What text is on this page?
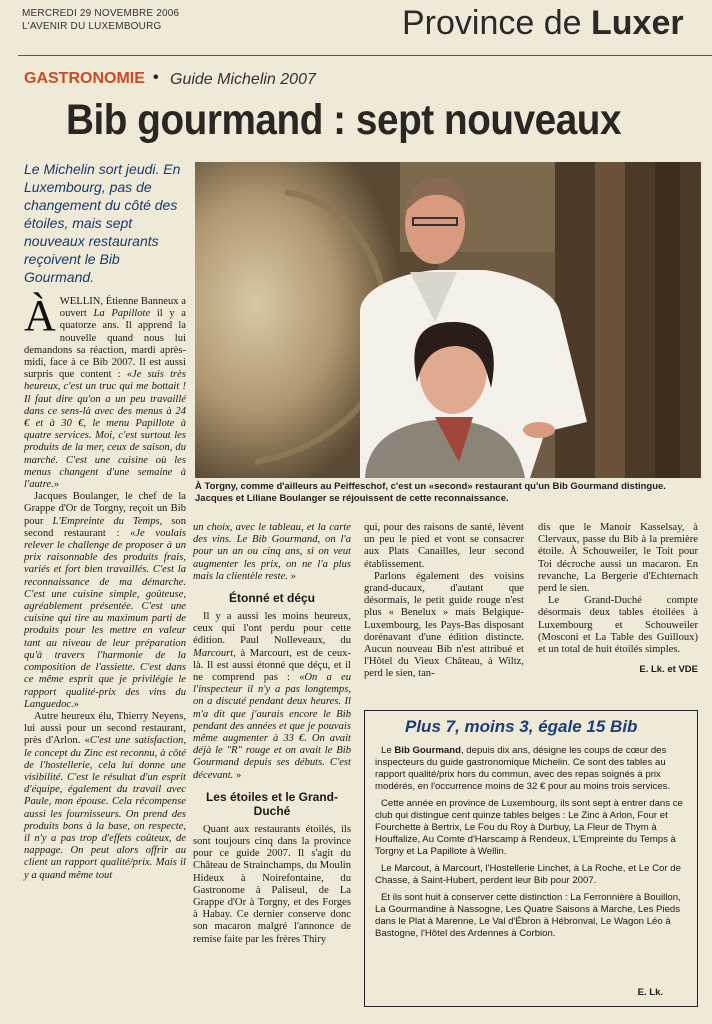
MERCREDI 29 NOVEMBRE 2006
L'AVENIR DU LUXEMBOURG	Province de Luxer
GASTRONOMIE • Guide Michelin 2007
Bib gourmand : sept nouveaux
Le Michelin sort jeudi. En Luxembourg, pas de changement du côté des étoiles, mais sept nouveaux restaurants reçoivent le Bib Gourmand.
À Torgny, comme d'ailleurs au Peiffeschof, c'est un «second» restaurant qu'un Bib Gourmand distingue. Jacques et Liliane Boulanger se réjouissent de cette reconnaissance.

ÀWELLIN, Étienne Banneux a ouvert La Papillote il y a quatorze ans. Il apprend la nouvelle quand nous lui demandons sa réaction, mardi après-midi, face à ce Bib 2007. Il est aussi surpris que content : «Je suis très heureux, c'est un truc qui me bottait ! Il faut dire qu'on a un peu travaillé dans ce sens-là avec des menus à 24 € et à 30 €, le menu Papillote à quatre services. Moi, c'est surtout les produits de la mer, ceux de saison, du marché. C'est une cuisine où les menus changent d'une semaine à l'autre.»

Jacques Boulanger, le chef de la Grappe d'Or de Torgny, reçoit un Bib pour L'Empreinte du Temps, son second restaurant : «Je voulais relever le challenge de proposer à un prix raisonnable des produits frais, variés et fort bien travaillés. C'est la reconnaissance de ma démarche. C'est une cuisine simple, goûteuse, agréablement présentée. C'est une cuisine qui tire au maximum parti de produits pour les mettre en valeur tant au niveau de leur préparation qu'à travers l'harmonie de la composition de l'assiette. C'est dans ce même esprit que je privilégie le rapport qualité-prix des vins du Languedoc.»

Autre heureux élu, Thierry Neyens, lui aussi pour un second restaurant, près d'Arlon. «C'est une satisfaction, le concept du Zinc est reconnu, à côté de l'hostellerie, cela lui donne une visibilité. C'est le résultat d'un esprit d'équipe, également du travail avec Paule, mon épouse. Cela récompense aussi les fournisseurs. On prend des produits bons à la base, on respecte, il n'y a pas trop d'effets coûteux, de nappage. On peut alors offrir au client un rapport qualité/prix. Mais il y a quand même tout

un choix, avec le tableau, et la carte des vins. Le Bib Gourmand, on l'a pour un an ou cinq ans, si on veut augmenter les prix, on ne l'a plus mais la clientèle reste. »

Étonné et déçu

Il y a aussi les moins heureux, ceux qui l'ont perdu pour cette édition. Paul Nolleveaux, du Marcourt, à Marcourt, est de ceux-là. Il est aussi étonné que déçu, et il ne comprend pas : «On a eu l'inspecteur il n'y a pas longtemps, on a discuté pendant deux heures. Il m'a dit que j'aurais encore le Bib pendant des années et que je pouvais même augmenter à 33 €. On avait déjà le "R" rouge et on avait le Bib Gourmand depuis ses débuts. C'est décevant. »

Les étoiles et le Grand-Duché

Quant aux restaurants étoilés, ils sont toujours cinq dans la province pour ce guide 2007. Il s'agit du Château de Strainchamps, du Moulin Hideux à Noirefontaine, du Gastronome à Paliseul, de La Grappe d'Or à Torgny, et des Forges à Habay. Ce dernier conserve donc son macaron malgré l'annonce de remise faite par les frères Thiry

qui, pour des raisons de santé, lèvent un peu le pied et vont se consacrer aux Plats Canailles, leur second établissement.

Parlons également des voisins grand-ducaux, d'autant que désormais, le petit guide rouge n'est plus « Benelux » mais Belgique-Luxembourg, les Pays-Bas disposant dorénavant d'une édition distincte. Aucun nouveau Bib n'est attribué et l'Hôtel du Vieux Château, à Wiltz, perd le sien, tan-

dis que le Manoir Kasselsay, à Clervaux, passe du Bib à la première étoile. À Schouweiler, le Toit pour Toi décroche aussi un macaron. En revanche, La Bergerie d'Echternach perd le sien.

Le Grand-Duché compte désormais deux tables étoilées à Luxembourg et Schouweiler (Mosconi et La Table des Guilloux) et un total de huit étoilés simples.

E. Lk. et VDE
Plus 7, moins 3, égale 15 Bib

Le Bib Gourmand, depuis dix ans, désigne les coups de cœur des inspecteurs du guide gastronomique Michelin. Ce sont des tables au rapport qualité/prix hors du commun, avec des repas soignés à prix modérés, en l'occurrence moins de 32 € pour au moins trois services.

Cette année en province de Luxembourg, ils sont sept à entrer dans ce club qui distingue cent quinze tables belges : Le Zinc à Arlon, Four et Fourchette à Bertrix, Le Fou du Roy à Durbuy, La Fleur de Thym à Houffalize, Au Comte d'Harscamp à Rendeux, L'Empreinte du Temps à Torgny et La Papillote à Wellin.

Le Marcout, à Marcourt, l'Hostellerie Linchet, à La Roche, et Le Cor de Chasse, à Saint-Hubert, perdent leur Bib pour 2007.

Et ils sont huit à conserver cette distinction : La Ferronnière à Bouillon, La Gourmandine à Nassogne, Les Quatre Saisons à Marche, Les Pieds dans le Plat à Marenne, Le Val d'Ébron à Hébronval, Le Wagon Léo à Bastogne, l'Hôtel des Ardennes à Corbion.

E. Lk.
